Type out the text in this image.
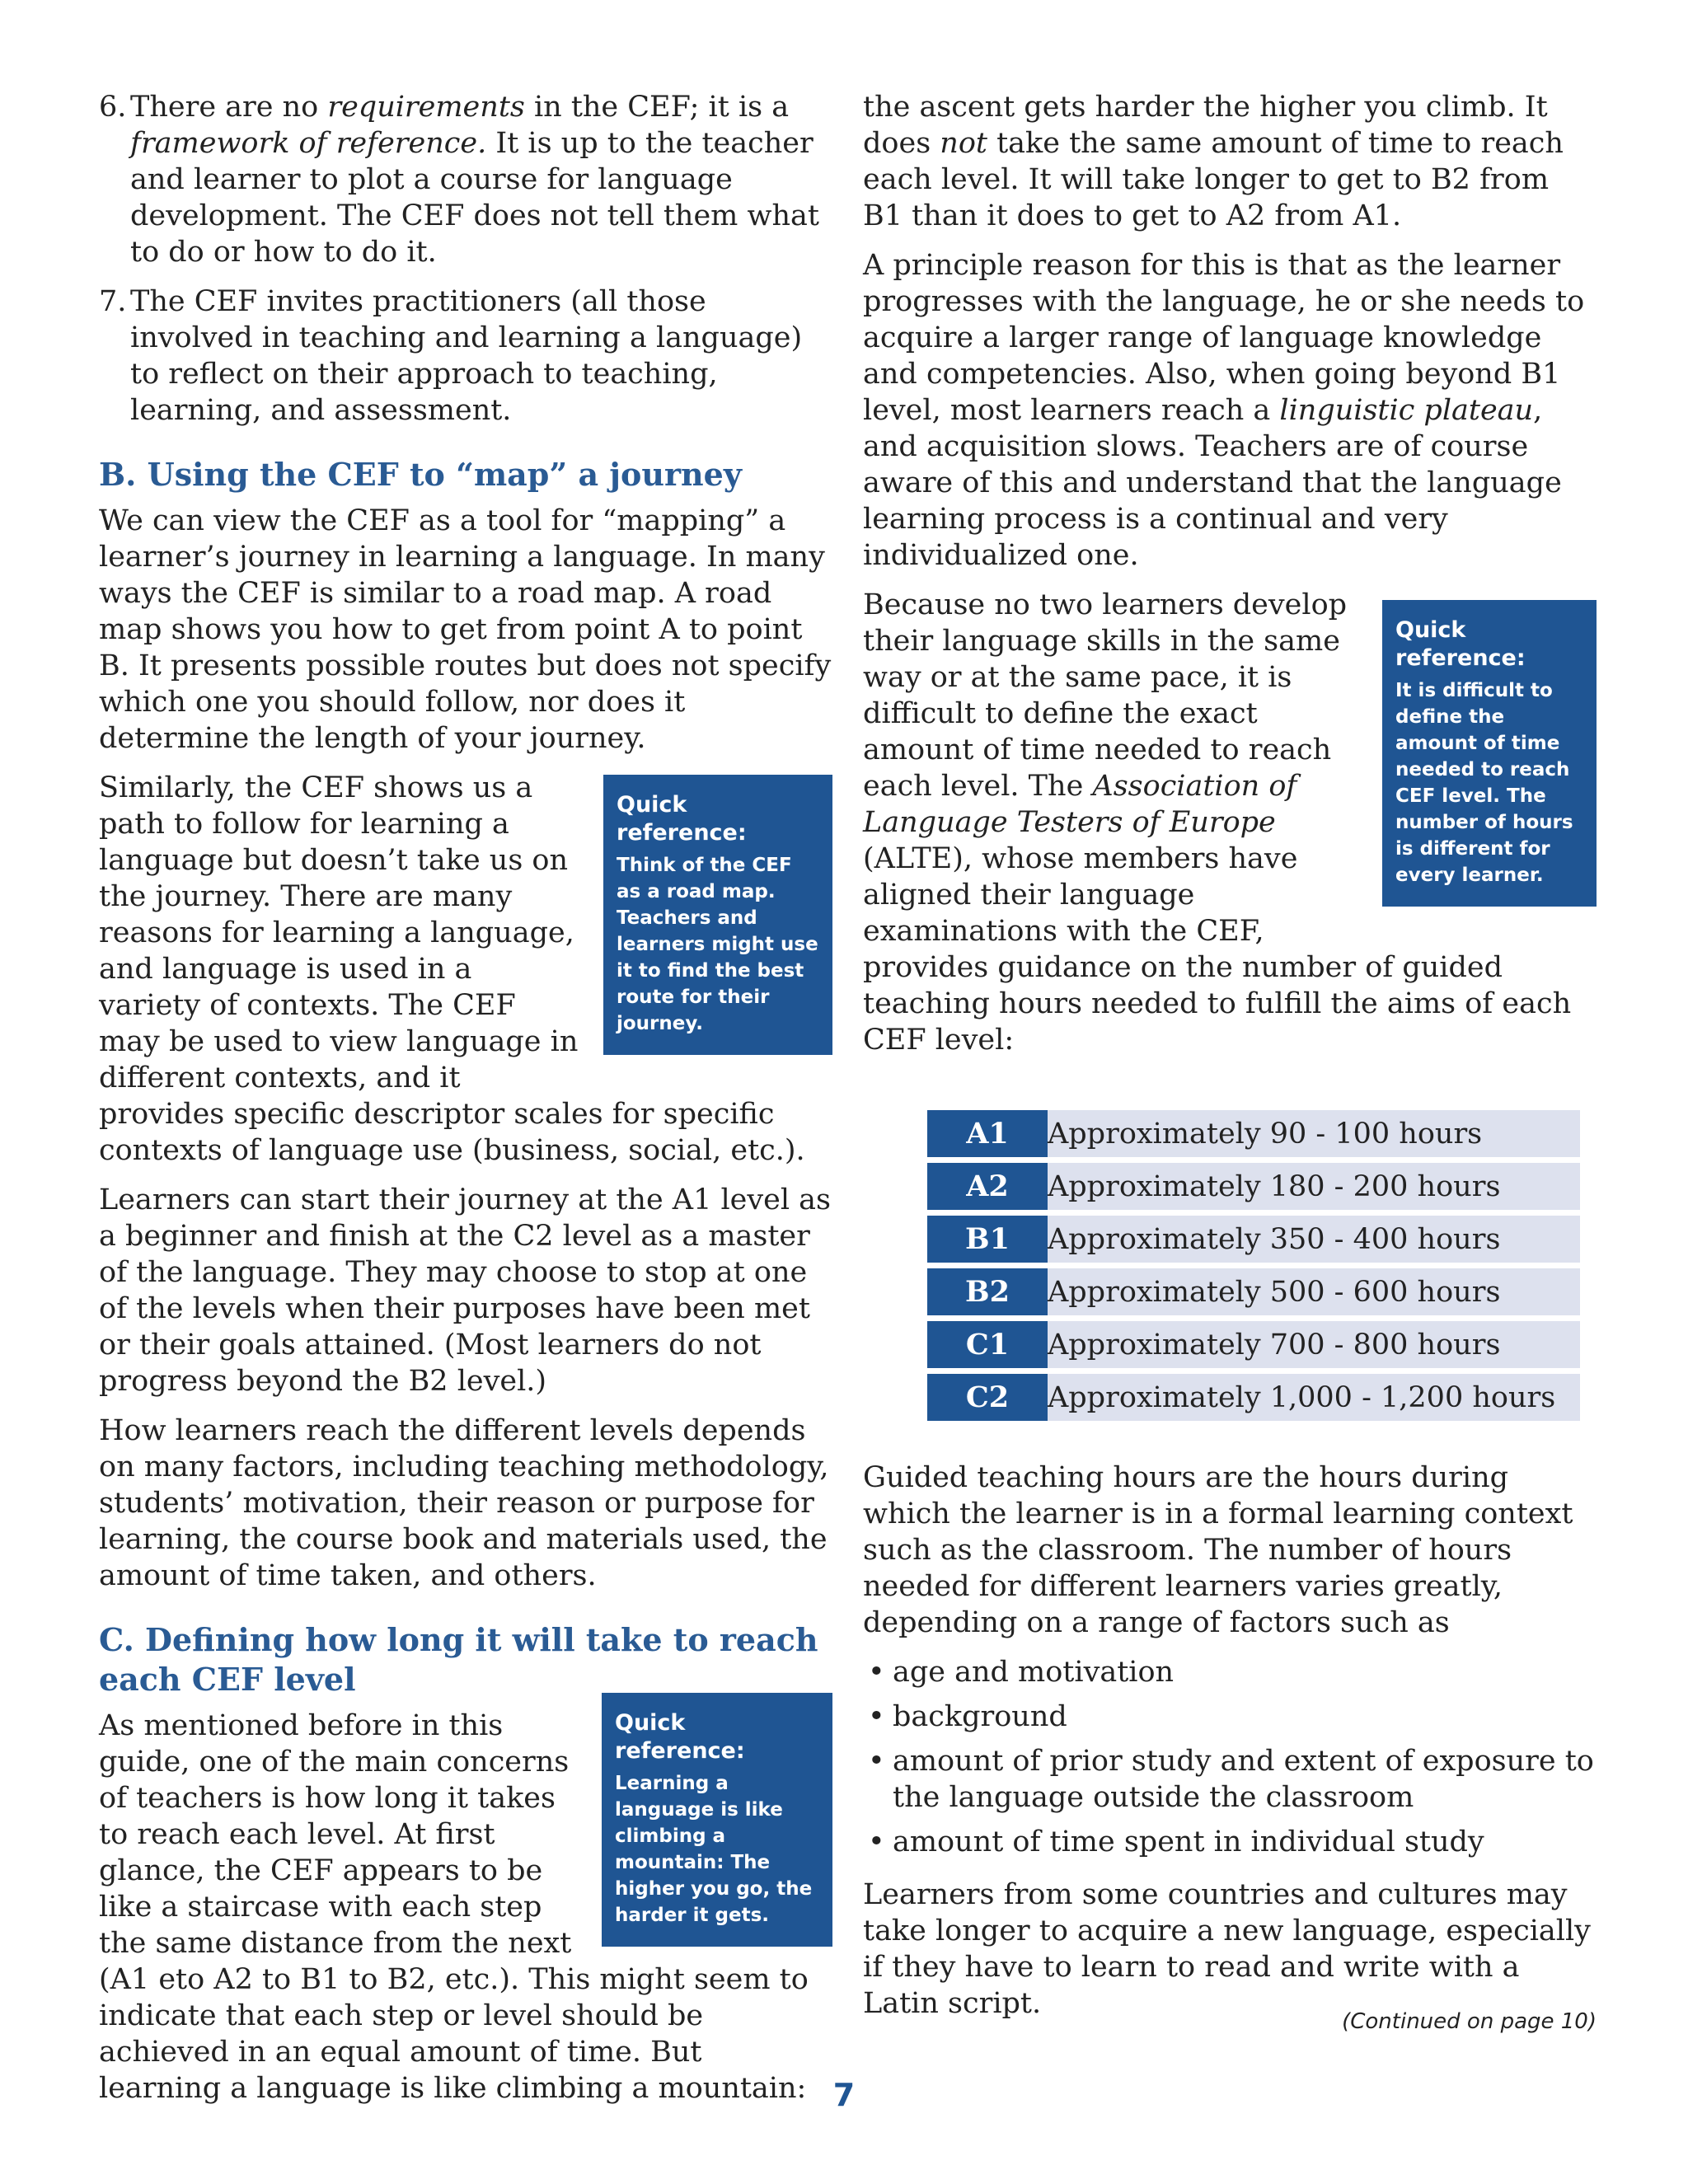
6. There are no requirements in the CEF; it is a framework of reference. It is up to the teacher and learner to plot a course for language development. The CEF does not tell them what to do or how to do it.
7. The CEF invites practitioners (all those involved in teaching and learning a language) to reflect on their approach to teaching, learning, and assessment.
B. Using the CEF to “map” a journey

We can view the CEF as a tool for “mapping” a learner’s journey in learning a language. In many ways the CEF is similar to a road map. A road map shows you how to get from point A to point B. It presents possible routes but does not specify which one you should follow, nor does it determine the length of your journey.

Quick reference:
Think of the CEF as a road map. Teachers and learners might use it to find the best route for their journey.

Similarly, the CEF shows us a path to follow for learning a language but doesn’t take us on the journey. There are many reasons for learning a language, and language is used in a variety of contexts. The CEF may be used to view language in different contexts, and it provides specific descriptor scales for specific contexts of language use (business, social, etc.).

Learners can start their journey at the A1 level as a beginner and finish at the C2 level as a master of the language. They may choose to stop at one of the levels when their purposes have been met or their goals attained. (Most learners do not progress beyond the B2 level.)

How learners reach the different levels depends on many factors, including teaching methodology, students’ motivation, their reason or purpose for learning, the course book and materials used, the amount of time taken, and others.

C. Defining how long it will take to reach each CEF level
Quick reference:
Learning a language is like climbing a mountain: The higher you go, the harder it gets.

As mentioned before in this guide, one of the main concerns of teachers is how long it takes to reach each level. At first glance, the CEF appears to be like a staircase with each step the same distance from the next (A1 eto A2 to B1 to B2, etc.). This might seem to indicate that each step or level should be achieved in an equal amount of time. But learning a language is like climbing a mountain:

the ascent gets harder the higher you climb. It does not take the same amount of time to reach each level. It will take longer to get to B2 from B1 than it does to get to A2 from A1.

A principle reason for this is that as the learner progresses with the language, he or she needs to acquire a larger range of language knowledge and competencies. Also, when going beyond B1 level, most learners reach a linguistic plateau, and acquisition slows. Teachers are of course aware of this and understand that the language learning process is a continual and very individualized one.

Quick reference:
It is difficult to define the amount of time needed to reach CEF level. The number of hours is different for every learner.

Because no two learners develop their language skills in the same way or at the same pace, it is difficult to define the exact amount of time needed to reach each level. The Association of Language Testers of Europe (ALTE), whose members have aligned their language examinations with the CEF, provides guidance on the number of guided teaching hours needed to fulfill the aims of each CEF level:

A1	Approximately 90 - 100 hours
A2	Approximately 180 - 200 hours
B1	Approximately 350 - 400 hours
B2	Approximately 500 - 600 hours
C1	Approximately 700 - 800 hours
C2	Approximately 1,000 - 1,200 hours

Guided teaching hours are the hours during which the learner is in a formal learning context such as the classroom. The number of hours needed for different learners varies greatly, depending on a range of factors such as

• age and motivation
• background
• amount of prior study and extent of exposure to the language outside the classroom
• amount of time spent in individual study

Learners from some countries and cultures may take longer to acquire a new language, especially if they have to learn to read and write with a Latin script.

(Continued on page 10)
7
